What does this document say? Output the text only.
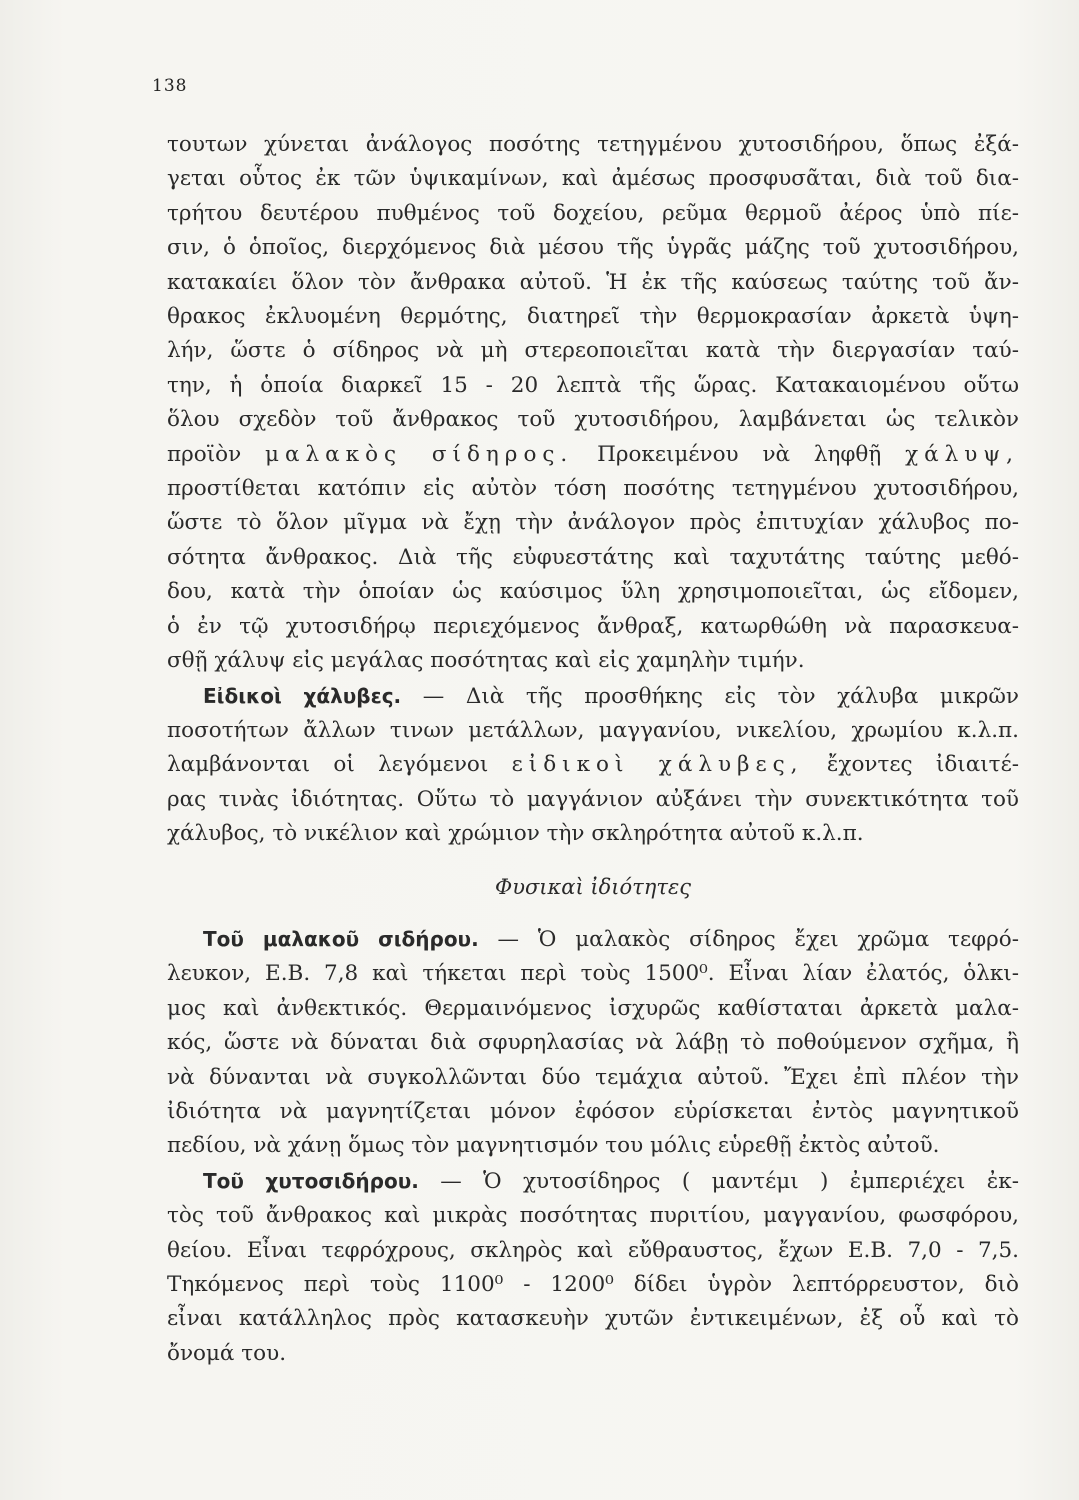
138
τουτων χύνεται ἀνάλογος ποσότης τετηγμένου χυτοσιδήρου, ὅπως ἐξά-
γεται οὗτος ἐκ τῶν ὑψικαμίνων, καὶ ἀμέσως προσφυσᾶται, διὰ τοῦ δια-
τρήτου δευτέρου πυθμένος τοῦ δοχείου, ρεῦμα θερμοῦ ἀέρος ὑπὸ πίε-
σιν, ὁ ὁποῖος, διερχόμενος διὰ μέσου τῆς ὑγρᾶς μάζης τοῦ χυτοσιδήρου,
κατακαίει ὅλον τὸν ἄνθρακα αὐτοῦ. Ἡ ἐκ τῆς καύσεως ταύτης τοῦ ἄν-
θρακος ἐκλυομένη θερμότης, διατηρεῖ τὴν θερμοκρασίαν ἀρκετὰ ὑψη-
λήν, ὥστε ὁ σίδηρος νὰ μὴ στερεοποιεῖται κατὰ τὴν διεργασίαν ταύ-
την, ἡ ὁποία διαρκεῖ 15 - 20 λεπτὰ τῆς ὥρας. Κατακαιομένου οὕτω
ὅλου σχεδὸν τοῦ ἄνθρακος τοῦ χυτοσιδήρου, λαμβάνεται ὡς τελικὸν
προϊὸν μαλακὸς σίδηρος. Προκειμένου νὰ ληφθῇ χάλυψ,
προστίθεται κατόπιν εἰς αὐτὸν τόση ποσότης τετηγμένου χυτοσιδήρου,
ὥστε τὸ ὅλον μῖγμα νὰ ἔχῃ τὴν ἀνάλογον πρὸς ἐπιτυχίαν χάλυβος πο-
σότητα ἄνθρακος. Διὰ τῆς εὐφυεστάτης καὶ ταχυτάτης ταύτης μεθό-
δου, κατὰ τὴν ὁποίαν ὡς καύσιμος ὕλη χρησιμοποιεῖται, ὡς εἴδομεν,
ὁ ἐν τῷ χυτοσιδήρῳ περιεχόμενος ἄνθραξ, κατωρθώθη νὰ παρασκευα-
σθῇ χάλυψ εἰς μεγάλας ποσότητας καὶ εἰς χαμηλὴν τιμήν.
Εἰδικοὶ χάλυβες. — Διὰ τῆς προσθήκης εἰς τὸν χάλυβα μικρῶν
ποσοτήτων ἄλλων τινων μετάλλων, μαγγανίου, νικελίου, χρωμίου κ.λ.π.
λαμβάνονται οἱ λεγόμενοι εἰδικοὶ χάλυβες, ἔχοντες ἰδιαιτέ-
ρας τινὰς ἰδιότητας. Οὕτω τὸ μαγγάνιον αὐξάνει τὴν συνεκτικότητα τοῦ
χάλυβος, τὸ νικέλιον καὶ χρώμιον τὴν σκληρότητα αὐτοῦ κ.λ.π.
Φυσικαὶ ἰδιότητες
Τοῦ μαλακοῦ σιδήρου. — Ὁ μαλακὸς σίδηρος ἔχει χρῶμα τεφρό-
λευκον, Ε.Β. 7,8 καὶ τήκεται περὶ τοὺς 1500⁰. Εἶναι λίαν ἐλατός, ὁλκι-
μος καὶ ἀνθεκτικός. Θερμαινόμενος ἰσχυρῶς καθίσταται ἀρκετὰ μαλα-
κός, ὥστε νὰ δύναται διὰ σφυρηλασίας νὰ λάβῃ τὸ ποθούμενον σχῆμα, ἢ
νὰ δύνανται νὰ συγκολλῶνται δύο τεμάχια αὐτοῦ. Ἔχει ἐπὶ πλέον τὴν
ἰδιότητα νὰ μαγνητίζεται μόνον ἐφόσον εὑρίσκεται ἐντὸς μαγνητικοῦ
πεδίου, νὰ χάνῃ ὅμως τὸν μαγνητισμόν του μόλις εὑρεθῇ ἐκτὸς αὐτοῦ.
Τοῦ χυτοσιδήρου. — Ὁ χυτοσίδηρος ( μαντέμι ) ἐμπεριέχει ἐκ-
τὸς τοῦ ἄνθρακος καὶ μικρὰς ποσότητας πυριτίου, μαγγανίου, φωσφόρου,
θείου. Εἶναι τεφρόχρους, σκληρὸς καὶ εὔθραυστος, ἔχων Ε.Β. 7,0 - 7,5.
Τηκόμενος περὶ τοὺς 1100⁰ - 1200⁰ δίδει ὑγρὸν λεπτόρρευστον, διὸ
εἶναι κατάλληλος πρὸς κατασκευὴν χυτῶν ἐντικειμένων, ἐξ οὗ καὶ τὸ
ὄνομά του.
